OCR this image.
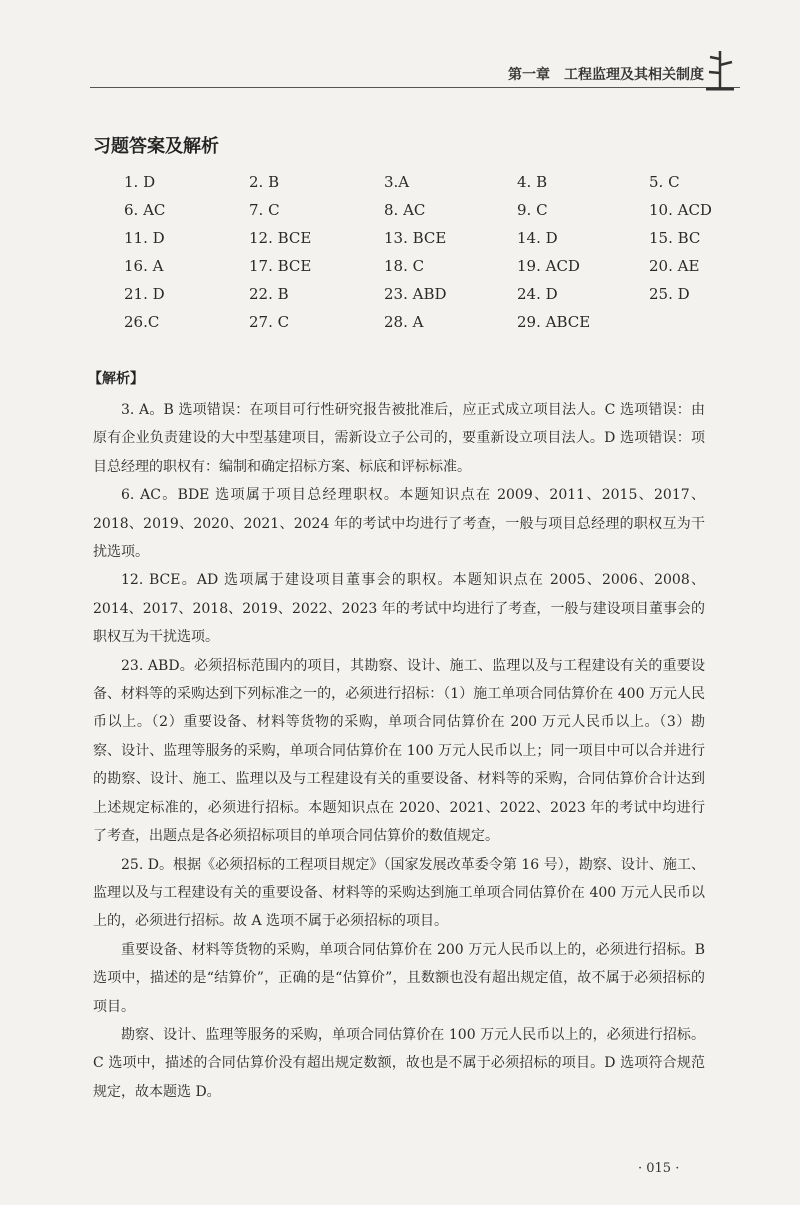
第一章　工程监理及其相关制度
习题答案及解析
1. D	2. B	3.A	4. B	5. C
6. AC	7. C	8. AC	9. C	10. ACD
11. D	12. BCE	13. BCE	14. D	15. BC
16. A	17. BCE	18. C	19. ACD	20. AE
21. D	22. B	23. ABD	24. D	25. D
26.C	27. C	28. A	29. ABCE
【解析】

3. A。B 选项错误：在项目可行性研究报告被批准后，应正式成立项目法人。C 选项错误：由原有企业负责建设的大中型基建项目，需新设立子公司的，要重新设立项目法人。D 选项错误：项目总经理的职权有：编制和确定招标方案、标底和评标标准。

6. AC。BDE 选项属于项目总经理职权。本题知识点在 2009、2011、2015、2017、2018、2019、2020、2021、2024 年的考试中均进行了考查，一般与项目总经理的职权互为干扰选项。

12. BCE。AD 选项属于建设项目董事会的职权。本题知识点在 2005、2006、2008、2014、2017、2018、2019、2022、2023 年的考试中均进行了考查，一般与建设项目董事会的职权互为干扰选项。

23. ABD。必须招标范围内的项目，其勘察、设计、施工、监理以及与工程建设有关的重要设备、材料等的采购达到下列标准之一的，必须进行招标：（1）施工单项合同估算价在 400 万元人民币以上。（2）重要设备、材料等货物的采购，单项合同估算价在 200 万元人民币以上。（3）勘察、设计、监理等服务的采购，单项合同估算价在 100 万元人民币以上；同一项目中可以合并进行的勘察、设计、施工、监理以及与工程建设有关的重要设备、材料等的采购，合同估算价合计达到上述规定标准的，必须进行招标。本题知识点在 2020、2021、2022、2023 年的考试中均进行了考查，出题点是各必须招标项目的单项合同估算价的数值规定。

25. D。根据《必须招标的工程项目规定》（国家发展改革委令第 16 号），勘察、设计、施工、监理以及与工程建设有关的重要设备、材料等的采购达到施工单项合同估算价在 400 万元人民币以上的，必须进行招标。故 A 选项不属于必须招标的项目。

重要设备、材料等货物的采购，单项合同估算价在 200 万元人民币以上的，必须进行招标。B 选项中，描述的是“结算价”，正确的是“估算价”，且数额也没有超出规定值，故不属于必须招标的项目。

勘察、设计、监理等服务的采购，单项合同估算价在 100 万元人民币以上的，必须进行招标。C 选项中，描述的合同估算价没有超出规定数额，故也是不属于必须招标的项目。D 选项符合规范规定，故本题选 D。

· 015 ·
